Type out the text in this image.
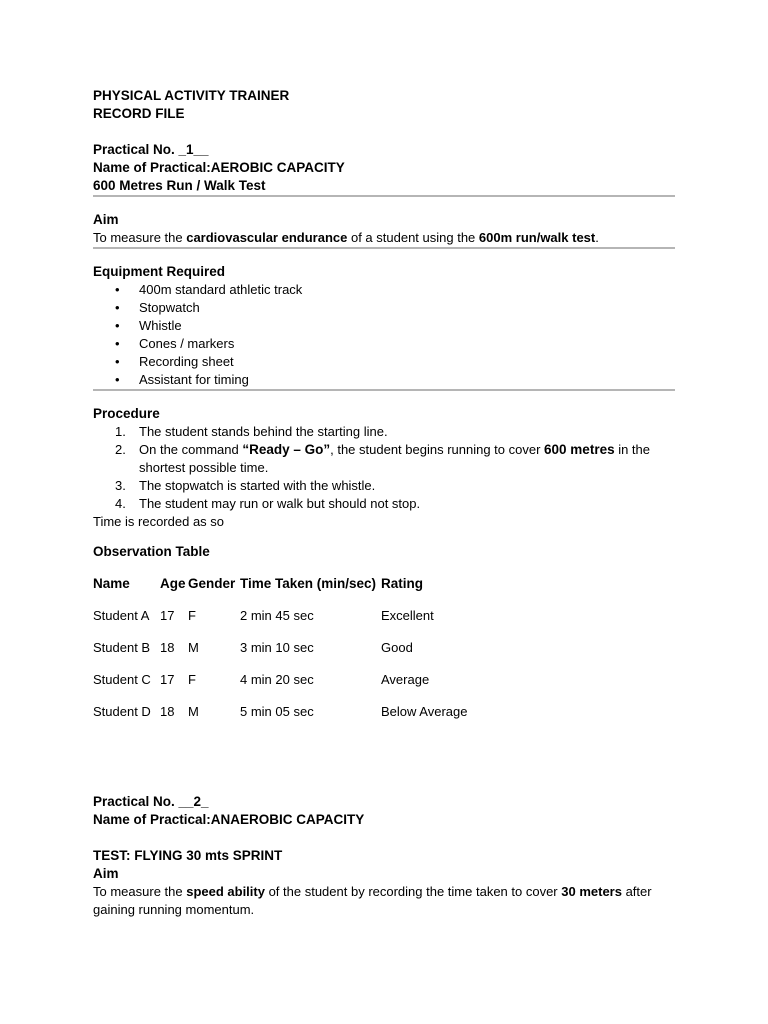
PHYSICAL ACTIVITY TRAINER
RECORD FILE
Practical No. _1__
Name of Practical:AEROBIC CAPACITY
600 Metres Run / Walk Test
Aim
To measure the cardiovascular endurance of a student using the 600m run/walk test.
Equipment Required
• 400m standard athletic track
• Stopwatch
• Whistle
• Cones / markers
• Recording sheet
• Assistant for timing
Procedure
1. The student stands behind the starting line.
2. On the command “Ready – Go”, the student begins running to cover 600 metres in the shortest possible time.
3. The stopwatch is started with the whistle.
4. The student may run or walk but should not stop.
Time is recorded as so
Observation Table
Name	Age	Gender	Time Taken (min/sec)	Rating
Student A	17	F	2 min 45 sec	Excellent
Student B	18	M	3 min 10 sec	Good
Student C	17	F	4 min 20 sec	Average
Student D	18	M	5 min 05 sec	Below Average
Practical No. __2_
Name of Practical:ANAEROBIC CAPACITY
TEST: FLYING 30 mts SPRINT
Aim
To measure the speed ability of the student by recording the time taken to cover 30 meters after gaining running momentum.
